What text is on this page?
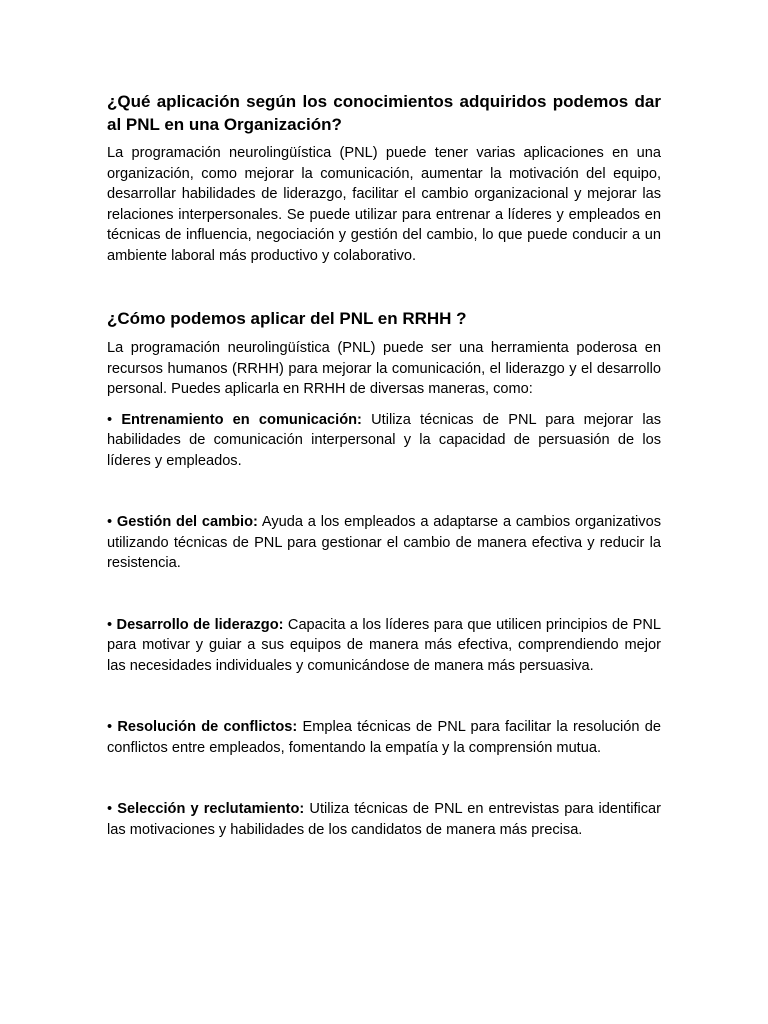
¿Qué aplicación según los conocimientos adquiridos podemos dar al PNL en una Organización?

La programación neurolingüística (PNL) puede tener varias aplicaciones en una organización, como mejorar la comunicación, aumentar la motivación del equipo, desarrollar habilidades de liderazgo, facilitar el cambio organizacional y mejorar las relaciones interpersonales. Se puede utilizar para entrenar a líderes y empleados en técnicas de influencia, negociación y gestión del cambio, lo que puede conducir a un ambiente laboral más productivo y colaborativo.

¿Cómo podemos aplicar del PNL en RRHH ?

La programación neurolingüística (PNL) puede ser una herramienta poderosa en recursos humanos (RRHH) para mejorar la comunicación, el liderazgo y el desarrollo personal. Puedes aplicarla en RRHH de diversas maneras, como:

• Entrenamiento en comunicación: Utiliza técnicas de PNL para mejorar las habilidades de comunicación interpersonal y la capacidad de persuasión de los líderes y empleados.

• Gestión del cambio: Ayuda a los empleados a adaptarse a cambios organizativos utilizando técnicas de PNL para gestionar el cambio de manera efectiva y reducir la resistencia.

• Desarrollo de liderazgo: Capacita a los líderes para que utilicen principios de PNL para motivar y guiar a sus equipos de manera más efectiva, comprendiendo mejor las necesidades individuales y comunicándose de manera más persuasiva.

• Resolución de conflictos: Emplea técnicas de PNL para facilitar la resolución de conflictos entre empleados, fomentando la empatía y la comprensión mutua.

• Selección y reclutamiento: Utiliza técnicas de PNL en entrevistas para identificar las motivaciones y habilidades de los candidatos de manera más precisa.
